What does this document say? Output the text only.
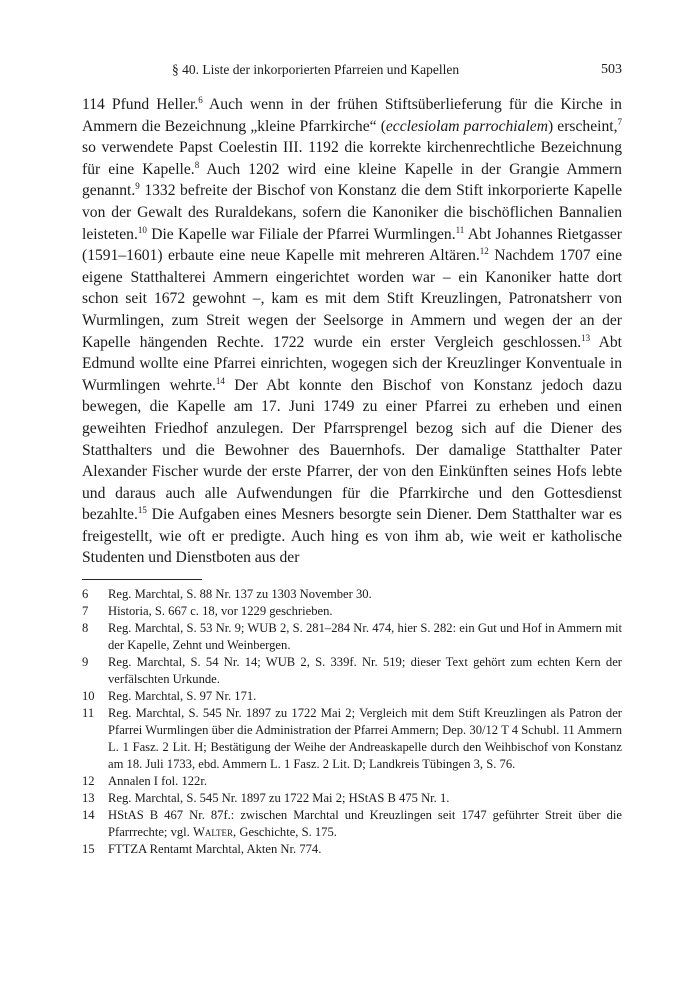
§ 40. Liste der inkorporierten Pfarreien und Kapellen	503

114 Pfund Heller.$^6$ Auch wenn in der frühen Stiftsüberlieferung für die Kirche in Ammern die Bezeichnung „kleine Pfarrkirche“ (ecclesiolam parrochialem) erscheint,$^7$ so verwendete Papst Coelestin III. 1192 die korrekte kirchenrechtliche Bezeichnung für eine Kapelle.$^8$ Auch 1202 wird eine kleine Kapelle in der Grangie Ammern genannt.$^9$ 1332 befreite der Bischof von Konstanz die dem Stift inkorporierte Kapelle von der Gewalt des Ruraldekans, sofern die Kanoniker die bischöflichen Bannalien leisteten.$^{10}$ Die Kapelle war Filiale der Pfarrei Wurmlingen.$^{11}$ Abt Johannes Rietgasser (1591–1601) erbaute eine neue Kapelle mit mehreren Altären.$^{12}$ Nachdem 1707 eine eigene Statthalterei Ammern eingerichtet worden war – ein Kanoniker hatte dort schon seit 1672 gewohnt –, kam es mit dem Stift Kreuzlingen, Patronatsherr von Wurmlingen, zum Streit wegen der Seelsorge in Ammern und wegen der an der Kapelle hängenden Rechte. 1722 wurde ein erster Vergleich geschlossen.$^{13}$ Abt Edmund wollte eine Pfarrei einrichten, wogegen sich der Kreuzlinger Konventuale in Wurmlingen wehrte.$^{14}$ Der Abt konnte den Bischof von Konstanz jedoch dazu bewegen, die Kapelle am 17. Juni 1749 zu einer Pfarrei zu erheben und einen geweihten Friedhof anzulegen. Der Pfarrsprengel bezog sich auf die Diener des Statthalters und die Bewohner des Bauernhofs. Der damalige Statthalter Pater Alexander Fischer wurde der erste Pfarrer, der von den Einkünften seines Hofs lebte und daraus auch alle Aufwendungen für die Pfarrkirche und den Gottesdienst bezahlte.$^{15}$ Die Aufgaben eines Mesners besorgte sein Diener. Dem Statthalter war es freigestellt, wie oft er predigte. Auch hing es von ihm ab, wie weit er katholische Studenten und Dienstboten aus der

6	Reg. Marchtal, S. 88 Nr. 137 zu 1303 November 30.
7	Historia, S. 667 c. 18, vor 1229 geschrieben.
8	Reg. Marchtal, S. 53 Nr. 9; WUB 2, S. 281–284 Nr. 474, hier S. 282: ein Gut und Hof in Ammern mit der Kapelle, Zehnt und Weinbergen.
9	Reg. Marchtal, S. 54 Nr. 14; WUB 2, S. 339f. Nr. 519; dieser Text gehört zum echten Kern der verfälschten Urkunde.
10	Reg. Marchtal, S. 97 Nr. 171.
11	Reg. Marchtal, S. 545 Nr. 1897 zu 1722 Mai 2; Vergleich mit dem Stift Kreuzlingen als Patron der Pfarrei Wurmlingen über die Administration der Pfarrei Ammern; Dep. 30/12 T 4 Schubl. 11 Ammern L. 1 Fasz. 2 Lit. H; Bestätigung der Weihe der Andreaskapelle durch den Weihbischof von Konstanz am 18. Juli 1733, ebd. Ammern L. 1 Fasz. 2 Lit. D; Landkreis Tübingen 3, S. 76.
12	Annalen I fol. 122r.
13	Reg. Marchtal, S. 545 Nr. 1897 zu 1722 Mai 2; HStAS B 475 Nr. 1.
14	HStAS B 467 Nr. 87f.: zwischen Marchtal und Kreuzlingen seit 1747 geführter Streit über die Pfarrrechte; vgl. Walter, Geschichte, S. 175.
15	FTTZA Rentamt Marchtal, Akten Nr. 774.
